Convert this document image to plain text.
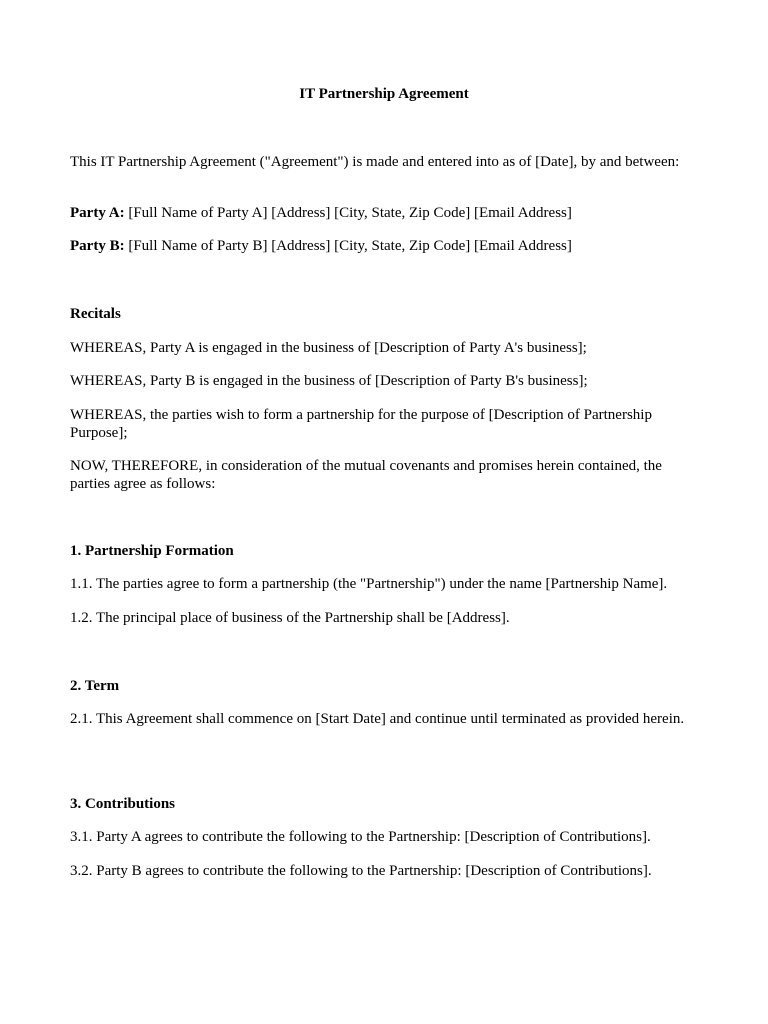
IT Partnership Agreement

This IT Partnership Agreement ("Agreement") is made and entered into as of [Date], by and between:

Party A: [Full Name of Party A] [Address] [City, State, Zip Code] [Email Address]

Party B: [Full Name of Party B] [Address] [City, State, Zip Code] [Email Address]

Recitals

WHEREAS, Party A is engaged in the business of [Description of Party A's business];

WHEREAS, Party B is engaged in the business of [Description of Party B's business];

WHEREAS, the parties wish to form a partnership for the purpose of [Description of Partnership Purpose];

NOW, THEREFORE, in consideration of the mutual covenants and promises herein contained, the parties agree as follows:

1. Partnership Formation

1.1. The parties agree to form a partnership (the "Partnership") under the name [Partnership Name].

1.2. The principal place of business of the Partnership shall be [Address].

2. Term

2.1. This Agreement shall commence on [Start Date] and continue until terminated as provided herein.

3. Contributions

3.1. Party A agrees to contribute the following to the Partnership: [Description of Contributions].

3.2. Party B agrees to contribute the following to the Partnership: [Description of Contributions].
